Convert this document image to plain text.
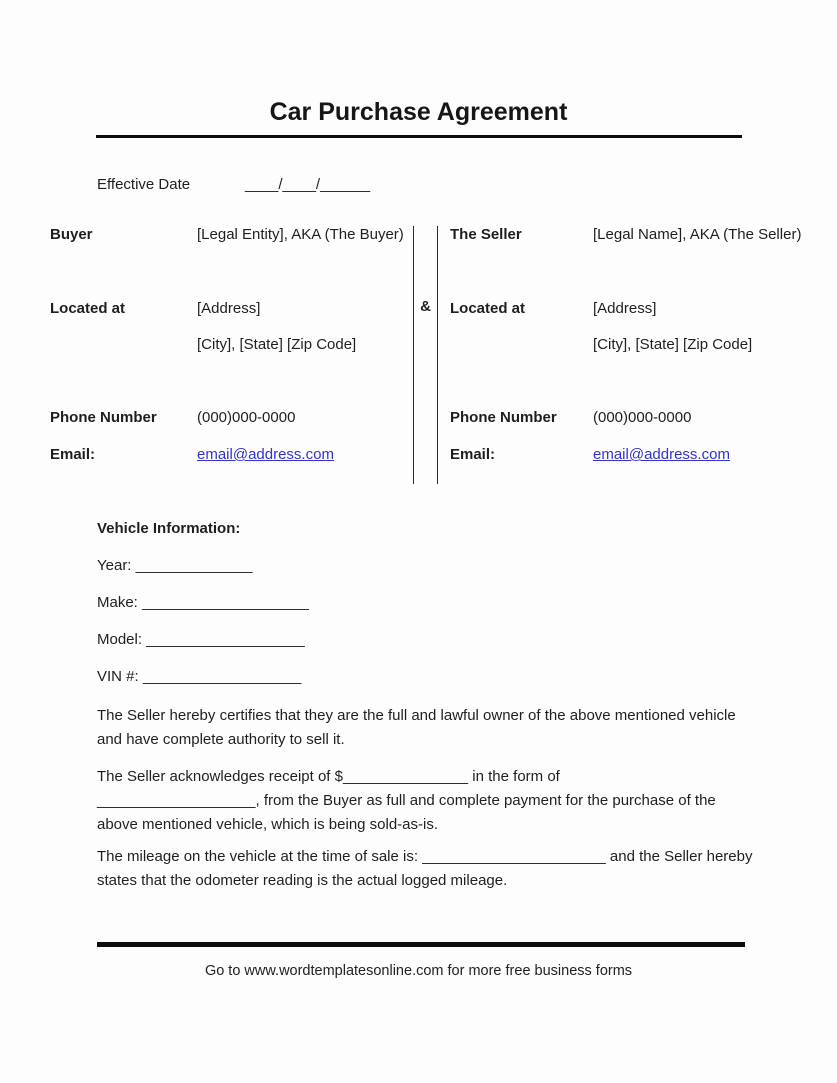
Car Purchase Agreement
Effective Date	____/____/______
Buyer	[Legal Entity], AKA (The Buyer)
Located at	[Address]
[City], [State] [Zip Code]
Phone Number	(000)000-0000
Email:	email@address.com
&
The Seller	[Legal Name], AKA (The Seller)
Located at	[Address]
[City], [State] [Zip Code]
Phone Number	(000)000-0000
Email:	email@address.com
Vehicle Information:
Year: ______________
Make: ____________________
Model: ___________________
VIN #: ___________________

The Seller hereby certifies that they are the full and lawful owner of the above mentioned vehicle and have complete authority to sell it.

The Seller acknowledges receipt of $_______________ in the form of
___________________, from the Buyer as full and complete payment for the purchase of the above mentioned vehicle, which is being sold-as-is.

The mileage on the vehicle at the time of sale is: ______________________ and the Seller hereby states that the odometer reading is the actual logged mileage.

Go to www.wordtemplatesonline.com for more free business forms
